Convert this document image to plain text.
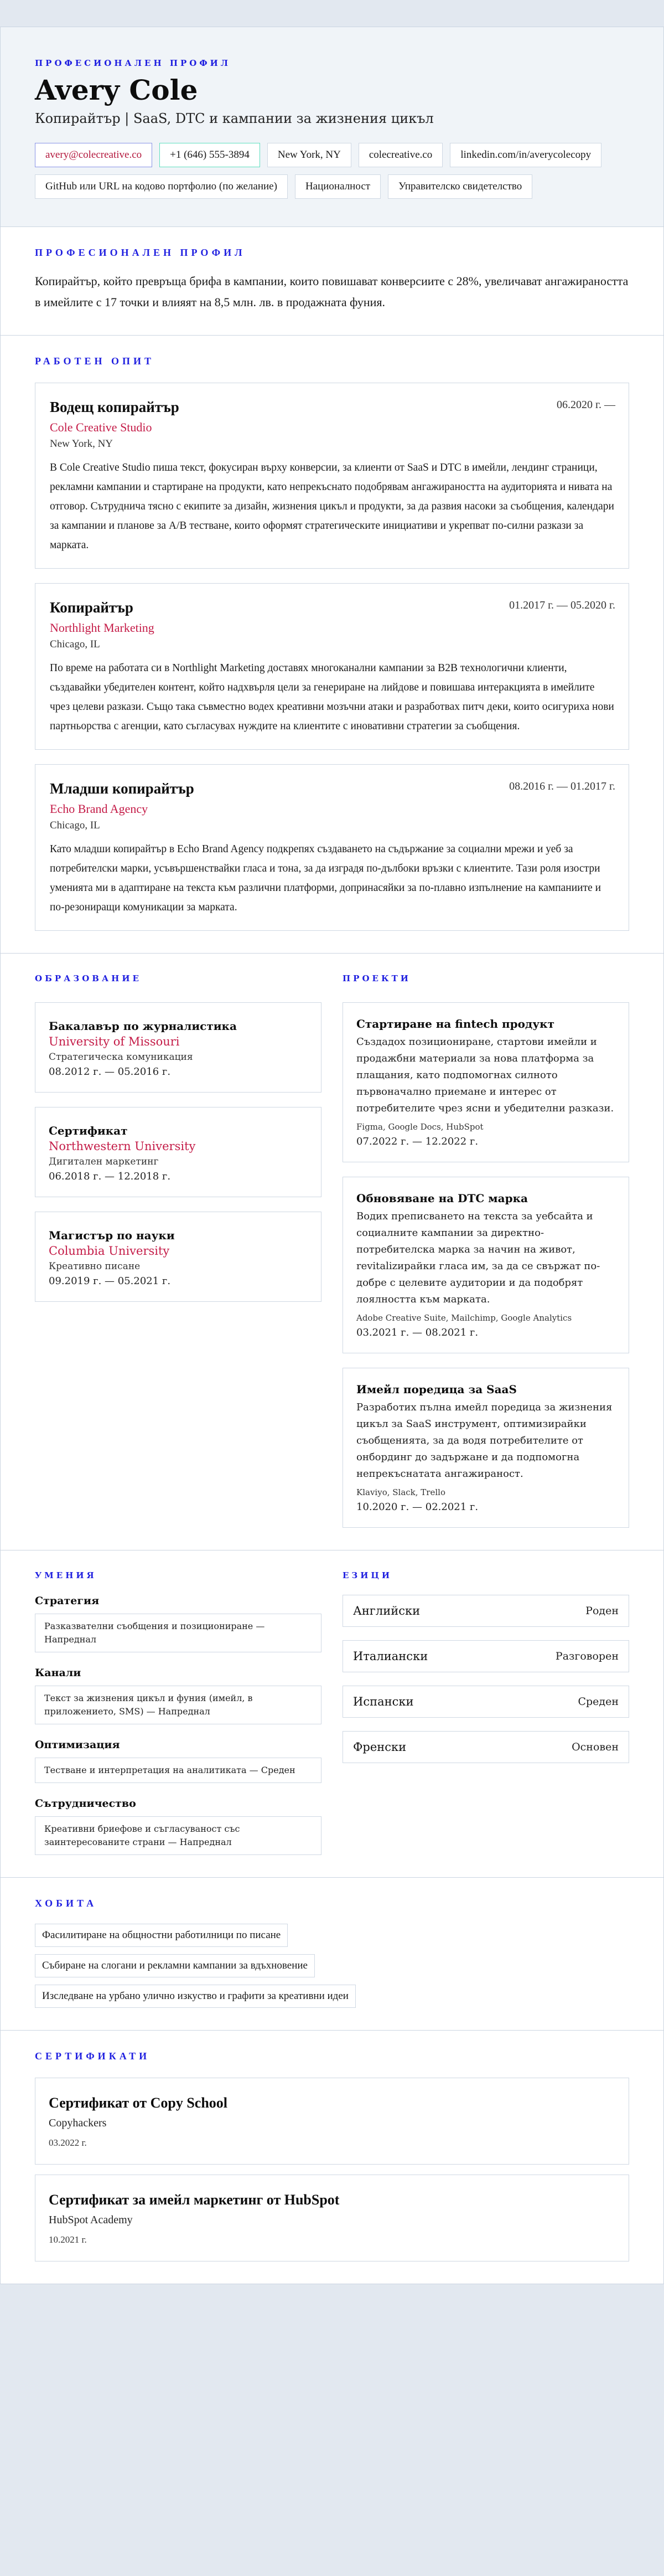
ПРОФЕСИОНАЛЕН ПРОФИЛ

Avery Cole
Копирайтър | SaaS, DTC и кампании за жизнения цикъл
avery@colecreative.co	+1 (646) 555-3894	New York, NY	colecreative.co	linkedin.com/in/averycolecopy
GitHub или URL на кодово портфолио (по желание)	Националност	Управителско свидетелство

ПРОФЕСИОНАЛЕН ПРОФИЛ

Копирайтър, който превръща брифа в кампании, които повишават конверсиите с 28%, увеличават ангажираността в имейлите с 17 точки и влияят на 8,5 млн. лв. в продажната фуния.

РАБОТЕН ОПИТ

Водещ копирайтър	06.2020 г. —
Cole Creative Studio
New York, NY

В Cole Creative Studio пиша текст, фокусиран върху конверсии, за клиенти от SaaS и DTC в имейли, лендинг страници, рекламни кампании и стартиране на продукти, като непрекъснато подобрявам ангажираността на аудиторията и нивата на отговор. Сътруднича тясно с екипите за дизайн, жизнения цикъл и продукти, за да развия насоки за съобщения, календари за кампании и планове за A/B тестване, които оформят стратегическите инициативи и укрепват по-силни разкази за марката.

Копирайтър	01.2017 г. — 05.2020 г.
Northlight Marketing
Chicago, IL

По време на работата си в Northlight Marketing доставях многоканални кампании за B2B технологични клиенти, създавайки убедителен контент, който надхвърля цели за генериране на лийдове и повишава интеракцията в имейлите чрез целеви разкази. Също така съвместно водех креативни мозъчни атаки и разработвах питч деки, които осигуриха нови партньорства с агенции, като съгласувах нуждите на клиентите с иновативни стратегии за съобщения.

Младши копирайтър	08.2016 г. — 01.2017 г.
Echo Brand Agency
Chicago, IL

Като младши копирайтър в Echo Brand Agency подкрепях създаването на съдържание за социални мрежи и уеб за потребителски марки, усъвършенствайки гласа и тона, за да изградя по-дълбоки връзки с клиентите. Тази роля изостри уменията ми в адаптиране на текста към различни платформи, допринасяйки за по-плавно изпълнение на кампаниите и по-резониращи комуникации за марката.

ОБРАЗОВАНИЕ

Бакалавър по журналистика
University of Missouri
Стратегическа комуникация
08.2012 г. — 05.2016 г.
Сертификат
Northwestern University
Дигитален маркетинг
06.2018 г. — 12.2018 г.
Магистър по науки
Columbia University
Креативно писане
09.2019 г. — 05.2021 г.

ПРОЕКТИ

Стартиране на fintech продукт
Създадох позициониране, стартови имейли и продажбни материали за нова платформа за плащания, като подпомогнах силното първоначално приемане и интерес от потребителите чрез ясни и убедителни разкази.
Figma, Google Docs, HubSpot
07.2022 г. — 12.2022 г.
Обновяване на DTC марка
Водих преписването на текста за уебсайта и социалните кампании за директно-потребителска марка за начин на живот, revitalizирайки гласа им, за да се свържат по-добре с целевите аудитории и да подобрят лоялността към марката.
Adobe Creative Suite, Mailchimp, Google Analytics
03.2021 г. — 08.2021 г.
Имейл поредица за SaaS
Разработих пълна имейл поредица за жизнения цикъл за SaaS инструмент, оптимизирайки съобщенията, за да водя потребителите от онбординг до задържане и да подпомогна непрекъснатата ангажираност.
Klaviyo, Slack, Trello
10.2020 г. — 02.2021 г.

УМЕНИЯ

Стратегия
Разказвателни съобщения и позициониране — Напреднал
Канали
Текст за жизнения цикъл и фуния (имейл, в приложението, SMS) — Напреднал
Оптимизация
Тестване и интерпретация на аналитиката — Среден
Сътрудничество
Креативни бриефове и съгласуваност със заинтересованите страни — Напреднал

ЕЗИЦИ

Английски	Роден
Италиански	Разговорен
Испански	Среден
Френски	Основен

ХОБИТА

Фасилитиране на общностни работилници по писане
Събиране на слогани и рекламни кампании за вдъхновение
Изследване на урбано улично изкуство и графити за креативни идеи

СЕРТИФИКАТИ

Сертификат от Copy School
Copyhackers
03.2022 г.
Сертификат за имейл маркетинг от HubSpot
HubSpot Academy
10.2021 г.
